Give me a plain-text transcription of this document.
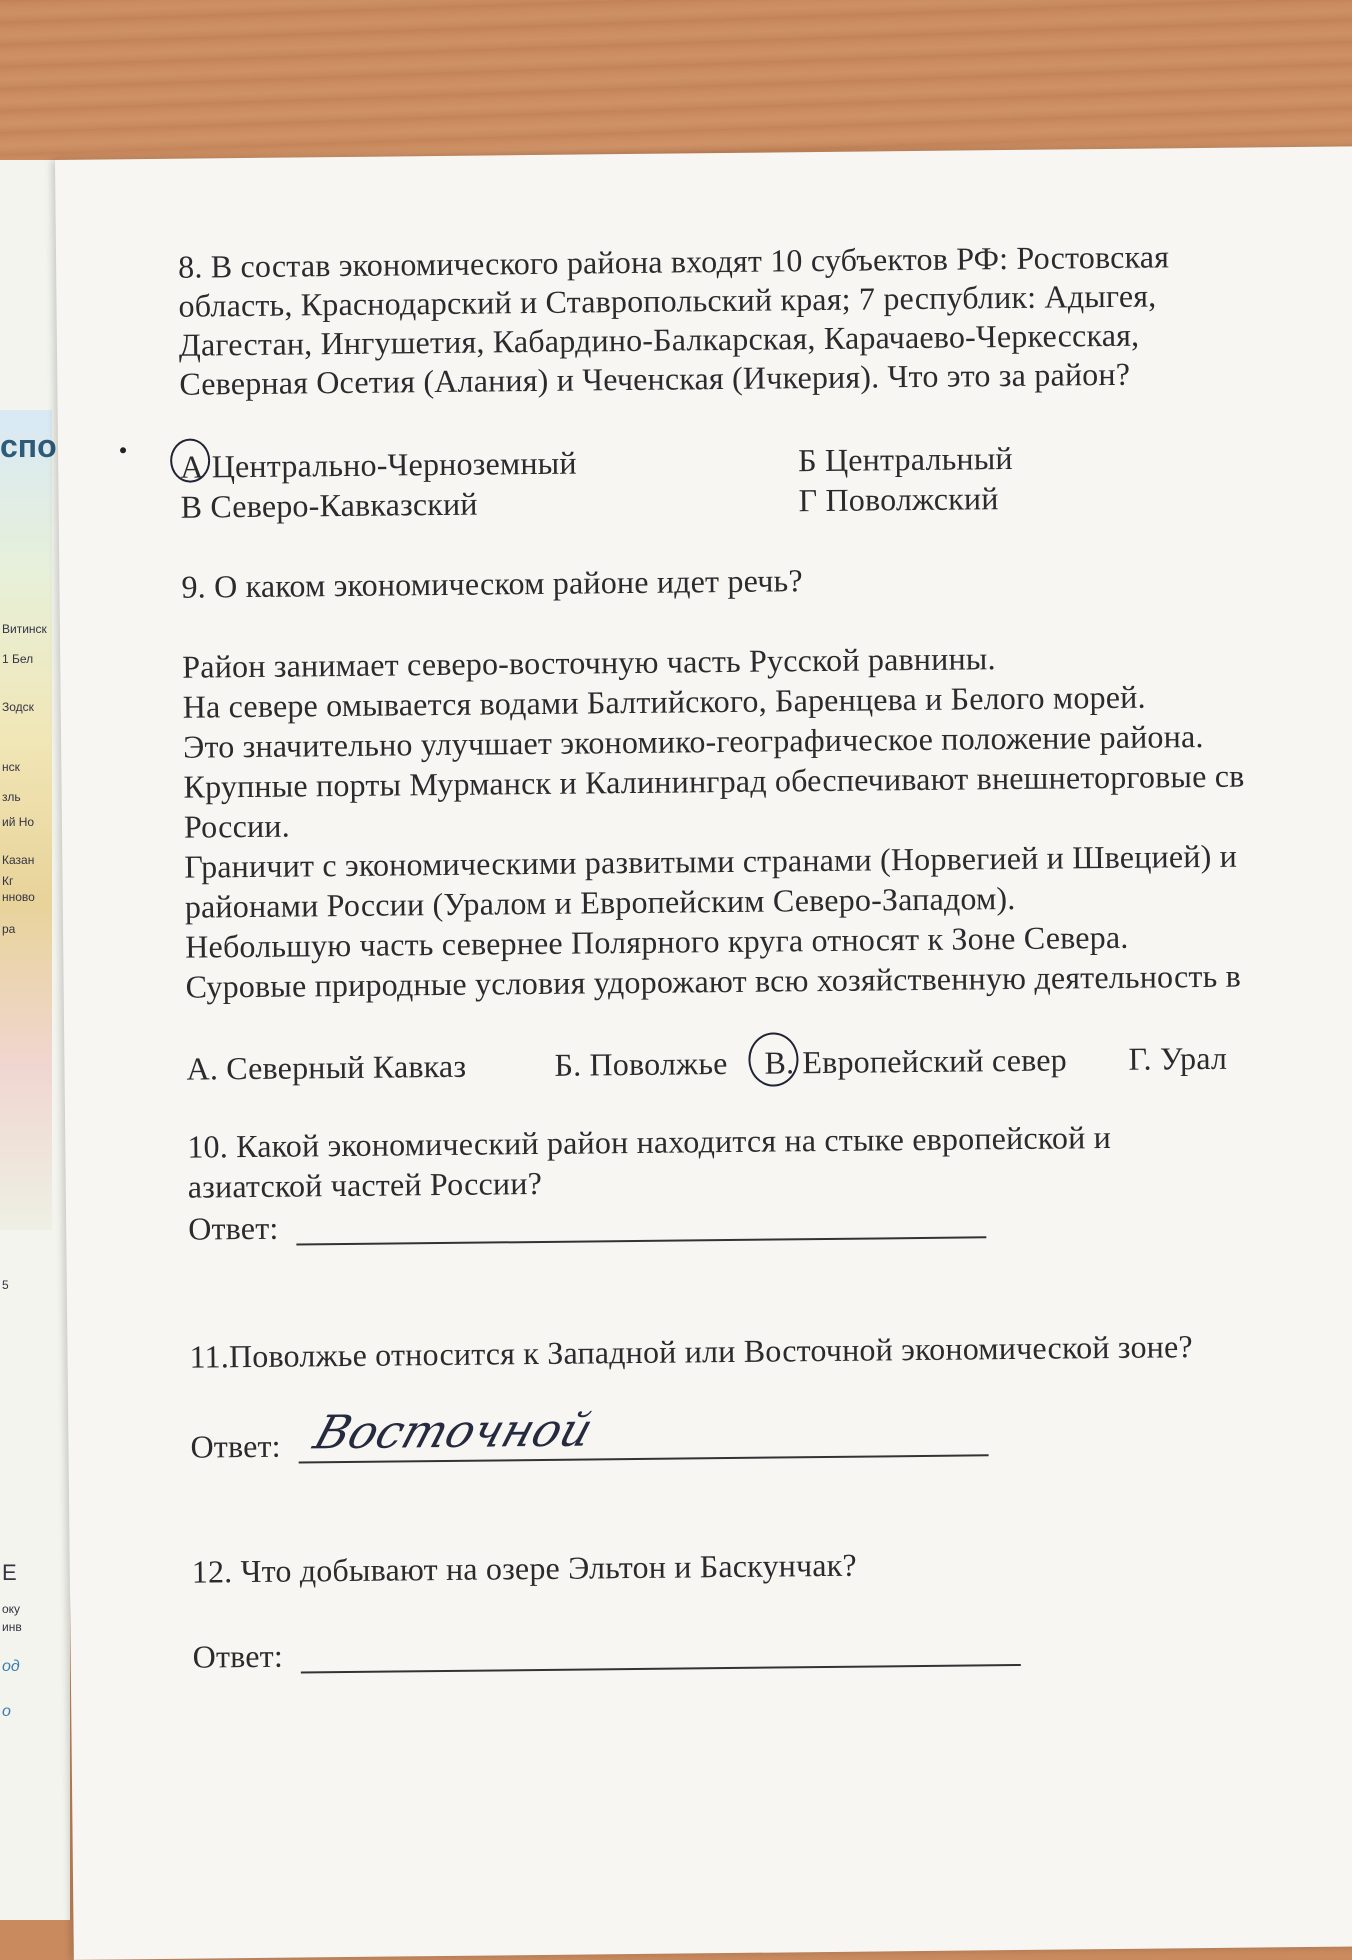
спо
Витинск
1 Бел
Зодск
нск
зль
ий Но
Казан
Кг
нново
ра
5
Е
оку
инв
од
о
8. В состав экономического района входят 10 субъектов РФ: Ростовская
область, Краснодарский и Ставропольский края; 7 республик: Адыгея,
Дагестан, Ингушетия, Кабардино-Балкарская, Карачаево-Черкесская,
Северная Осетия (Алания) и Чеченская (Ичкерия). Что это за район?
А Центрально-Черноземный	Б Центральный
В Северо-Кавказский	Г Поволжский
9. О каком экономическом районе идет речь?
Район занимает северо-восточную часть Русской равнины.
На севере омывается водами Балтийского, Баренцева и Белого морей.
Это значительно улучшает экономико-географическое положение района.
Крупные порты Мурманск и Калининград обеспечивают внешнеторговые св
России.
Граничит с экономическими развитыми странами (Норвегией и Швецией) и
районами России (Уралом и Европейским Северо-Западом).
Небольшую часть севернее Полярного круга относят к Зоне Севера.
Суровые природные условия удорожают всю хозяйственную деятельность в
А. Северный Кавказ	Б. Поволжье В. Европейский север Г. Урал
10. Какой экономический район находится на стыке европейской и
азиатской частей России?
Ответ:
11.Поволжье относится к Западной или Восточной экономической зоне?
Ответ: Восточной
12. Что добывают на озере Эльтон и Баскунчак?
Ответ:
